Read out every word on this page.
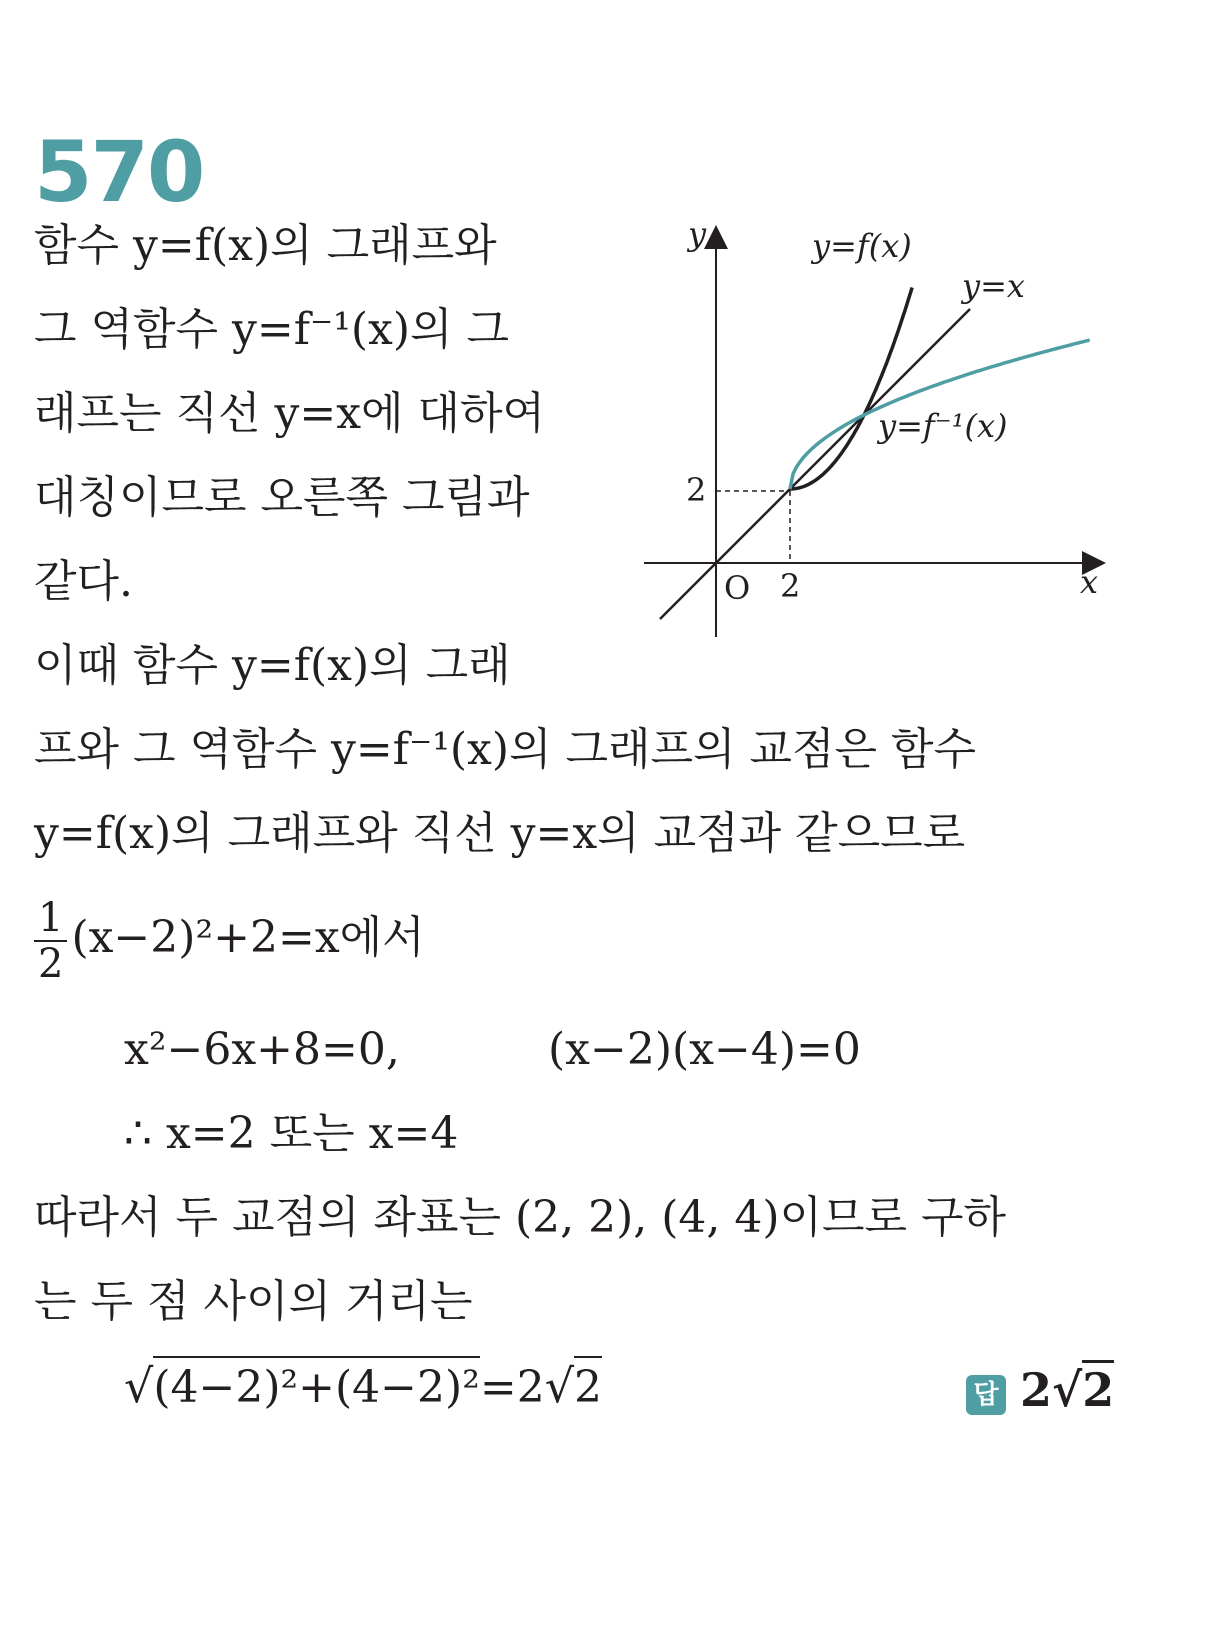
570
함수 y=f(x)의 그래프와
그 역함수 y=f⁻¹(x)의 그
래프는 직선 y=x에 대하여
대칭이므로 오른쪽 그림과
같다.
이때 함수 y=f(x)의 그래
프와 그 역함수 y=f⁻¹(x)의 그래프의 교점은 함수
y=f(x)의 그래프와 직선 y=x의 교점과 같으므로
$\frac{1}{2} (x-2)^2+2=x$에서
x²−6x+8=0,	(x−2)(x−4)=0
∴ x=2 또는 x=4
따라서 두 교점의 좌표는 (2, 2), (4, 4)이므로 구하
는 두 점 사이의 거리는
√(4−2)²+(4−2)²=2√2	답 2√2
y
x
O 2
2
y=f(x)
y=x
y=f⁻¹(x)
